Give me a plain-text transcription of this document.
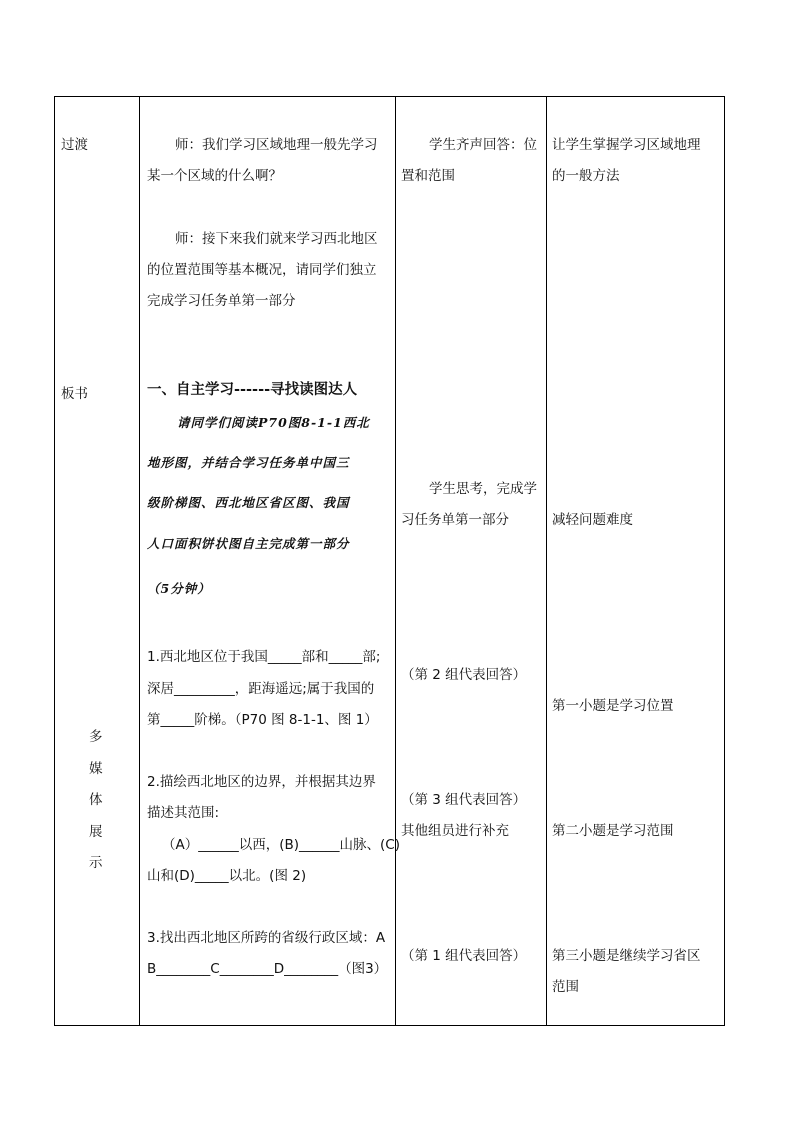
过渡
板书
多
媒
体
展
示
师：我们学习区域地理一般先学习
某一个区域的什么啊？
师：接下来我们就来学习西北地区
的位置范围等基本概况，请同学们独立
完成学习任务单第一部分
一、自主学习------寻找读图达人
请同学们阅读P70图8-1-1西北
地形图，并结合学习任务单中国三
级阶梯图、西北地区省区图、我国
人口面积饼状图自主完成第一部分
（5分钟）
1.西北地区位于我国_____部和_____部;
深居_________，距海遥远;属于我国的
第_____阶梯。（P70 图 8-1-1、图 1）
2.描绘西北地区的边界，并根据其边界
描述其范围:
（A）______以西，(B)______山脉、(C)
山和(D)_____以北。(图 2)
3.找出西北地区所跨的省级行政区域：A
B________C________D________（图3）
学生齐声回答：位
置和范围
学生思考，完成学
习任务单第一部分
（第 2 组代表回答）
（第 3 组代表回答）
其他组员进行补充
（第 1 组代表回答）
让学生掌握学习区域地理
的一般方法
减轻问题难度
第一小题是学习位置
第二小题是学习范围
第三小题是继续学习省区
范围
